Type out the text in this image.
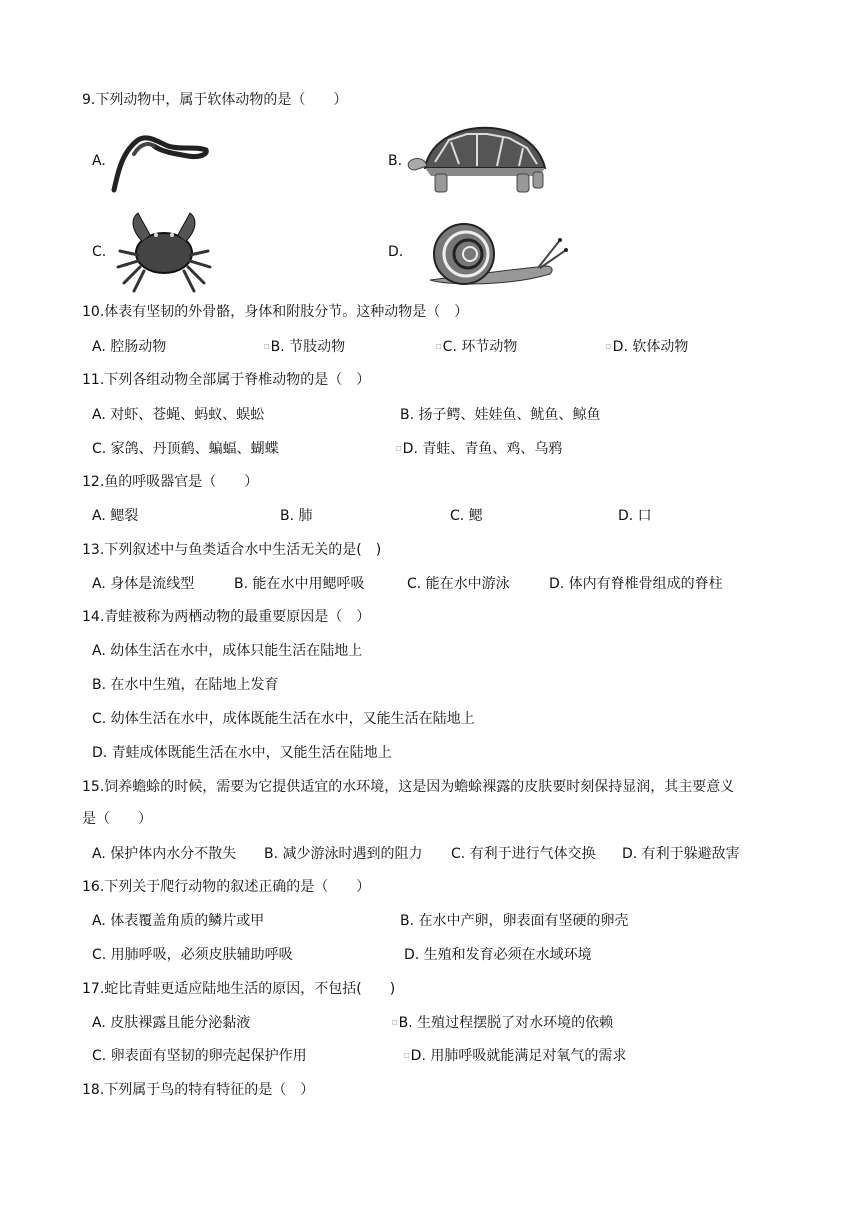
9.下列动物中，属于软体动物的是（　　）
A.	B.
C.	D.
10.体表有坚韧的外骨骼，身体和附肢分节。这种动物是（　）
A. 腔肠动物	□B. 节肢动物	□C. 环节动物	□D. 软体动物
11.下列各组动物全部属于脊椎动物的是（　）
A. 对虾、苍蝇、蚂蚁、蜈蚣	B. 扬子鳄、娃娃鱼、鱿鱼、鲸鱼
C. 家鸽、丹顶鹤、蝙蝠、蝴蝶	□D. 青蛙、青鱼、鸡、乌鸦
12.鱼的呼吸器官是（　　）
A. 鳃裂	B. 肺	C. 鳃	D. 口
13.下列叙述中与鱼类适合水中生活无关的是(　)
A. 身体是流线型	B. 能在水中用鳃呼吸	C. 能在水中游泳	D. 体内有脊椎骨组成的脊柱
14.青蛙被称为两栖动物的最重要原因是（　）
A. 幼体生活在水中，成体只能生活在陆地上
B. 在水中生殖，在陆地上发育
C. 幼体生活在水中，成体既能生活在水中，又能生活在陆地上
D. 青蛙成体既能生活在水中，又能生活在陆地上
15.饲养蟾蜍的时候，需要为它提供适宜的水环境，这是因为蟾蜍裸露的皮肤要时刻保持显润，其主要意义
是（　　）
A. 保护体内水分不散失 B. 减少游泳时遇到的阻力 C. 有利于进行气体交换 D. 有利于躲避敌害
16.下列关于爬行动物的叙述正确的是（　　）
A. 体表覆盖角质的鳞片或甲	B. 在水中产卵，卵表面有坚硬的卵壳
C. 用肺呼吸，必须皮肤辅助呼吸	D. 生殖和发育必须在水域环境
17.蛇比青蛙更适应陆地生活的原因，不包括(　　)
A. 皮肤裸露且能分泌黏液	□B. 生殖过程摆脱了对水环境的依赖
C. 卵表面有坚韧的卵壳起保护作用	□D. 用肺呼吸就能满足对氧气的需求
18.下列属于鸟的特有特征的是（　）
